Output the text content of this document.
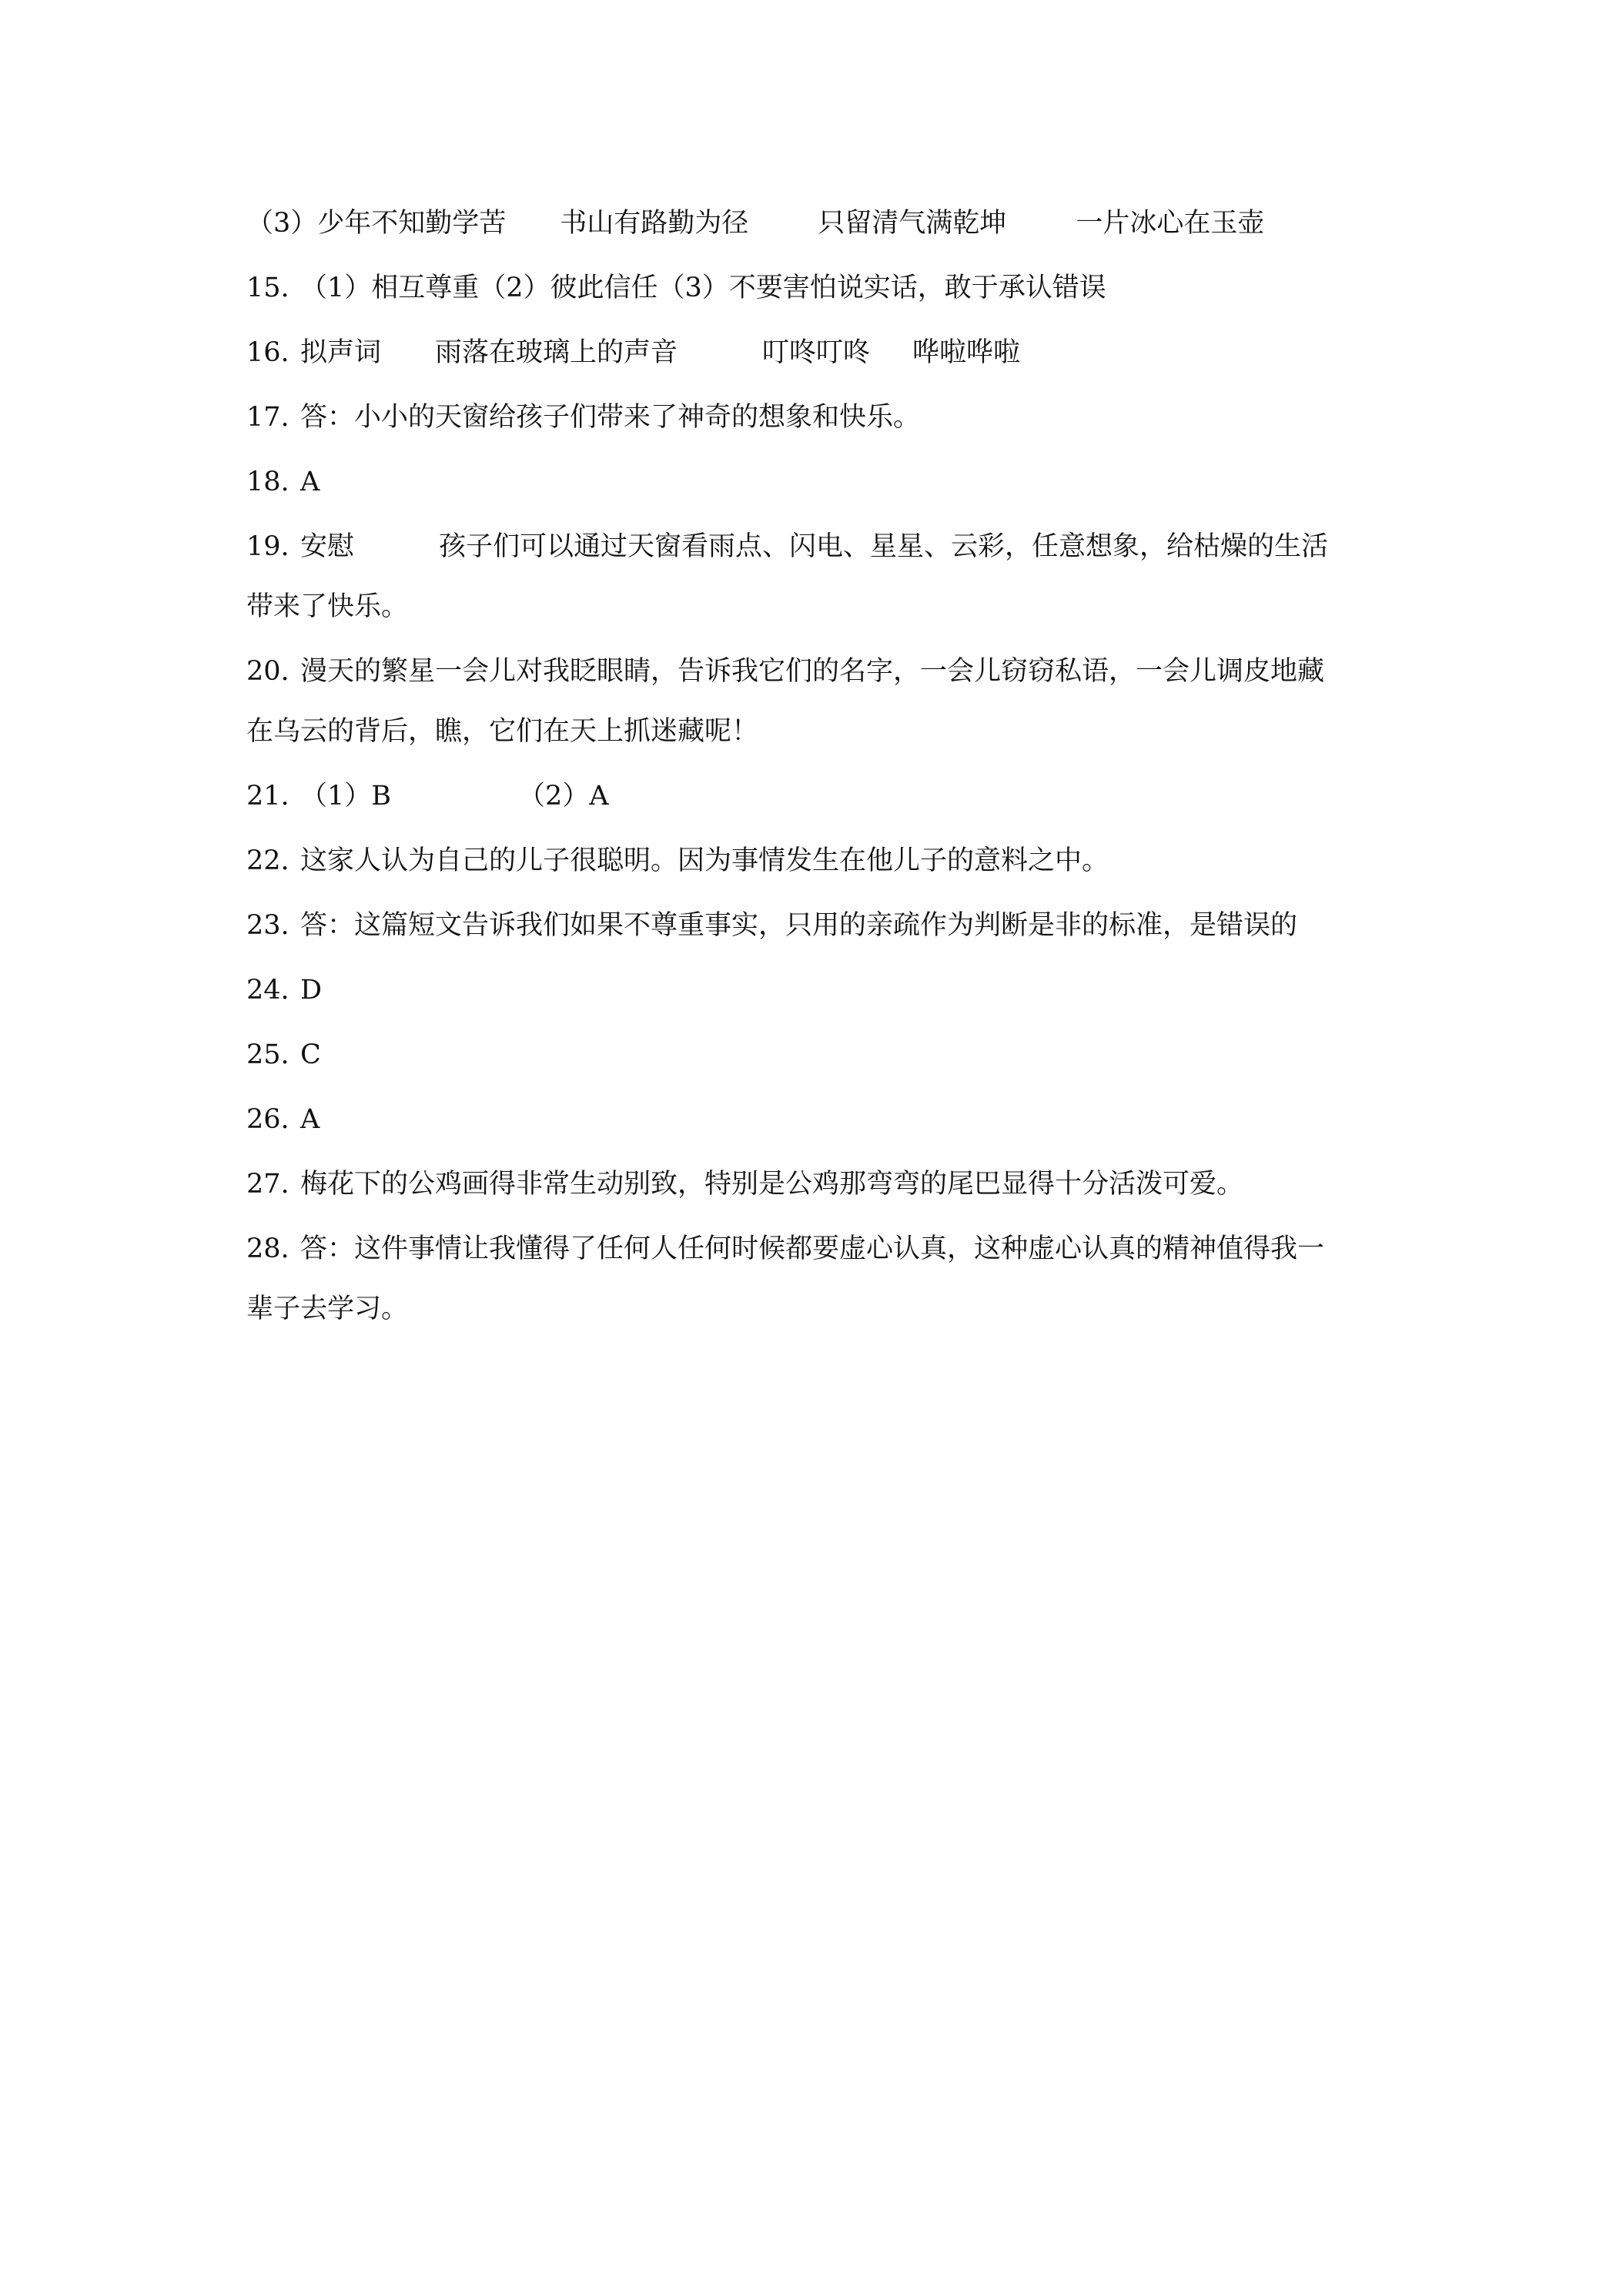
（3）少年不知勤学苦 书山有路勤为径	只留清气满乾坤	一片冰心在玉壶
15. （1）相互尊重（2）彼此信任（3）不要害怕说实话，敢于承认错误
16. 拟声词 雨落在玻璃上的声音	叮咚叮咚 哗啦哗啦
17. 答：小小的天窗给孩子们带来了神奇的想象和快乐。
18. A
19. 安慰	孩子们可以通过天窗看雨点、闪电、星星、云彩，任意想象，给枯燥的生活
带来了快乐。
20. 漫天的繁星一会儿对我眨眼睛，告诉我它们的名字，一会儿窃窃私语，一会儿调皮地藏
在乌云的背后，瞧，它们在天上抓迷藏呢！
21. （1）B	（2）A
22. 这家人认为自己的儿子很聪明。因为事情发生在他儿子的意料之中。
23. 答：这篇短文告诉我们如果不尊重事实，只用的亲疏作为判断是非的标准，是错误的
24. D
25. C
26. A
27. 梅花下的公鸡画得非常生动别致，特别是公鸡那弯弯的尾巴显得十分活泼可爱。
28. 答：这件事情让我懂得了任何人任何时候都要虚心认真，这种虚心认真的精神值得我一
辈子去学习。
